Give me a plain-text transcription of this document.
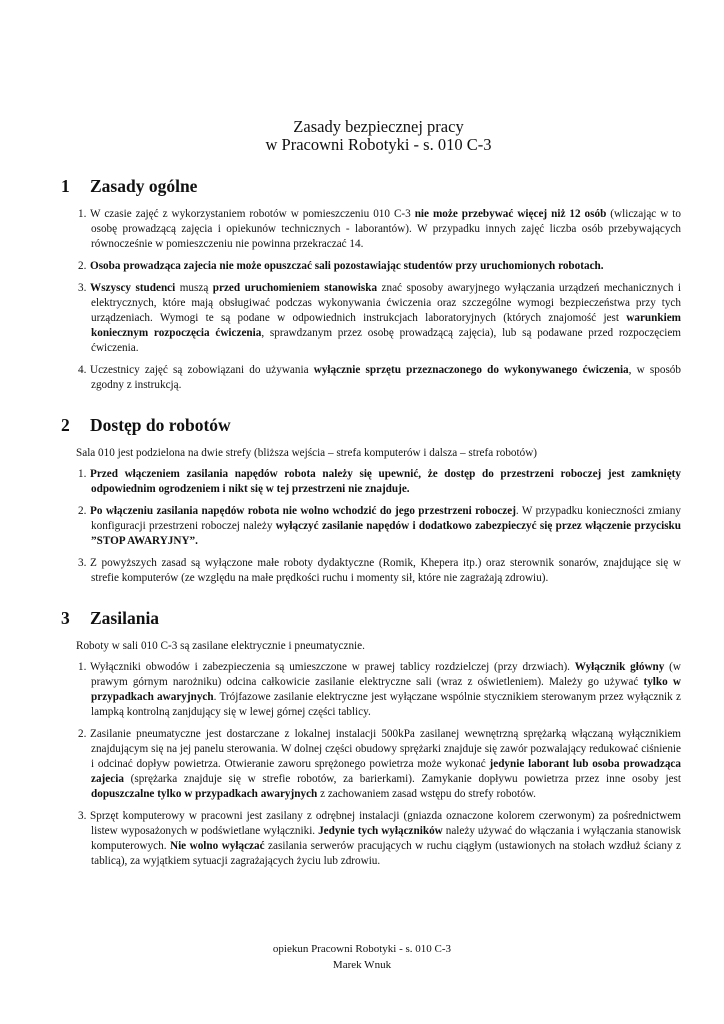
Zasady bezpiecznej pracy
w Pracowni Robotyki - s. 010 C-3
1 Zasady ogólne
1. W czasie zajęć z wykorzystaniem robotów w pomieszczeniu 010 C-3 nie może przebywać więcej niż 12 osób (wliczając w to osobę prowadzącą zajęcia i opiekunów technicznych - laborantów). W przypadku innych zajęć liczba osób przebywających równocześnie w pomieszczeniu nie powinna przekraczać 14.
2. Osoba prowadząca zajecia nie może opuszczać sali pozostawiając studentów przy uruchomionych robotach.
3. Wszyscy studenci muszą przed uruchomieniem stanowiska znać sposoby awaryjnego wyłączania urządzeń mechanicznych i elektrycznych, które mają obsługiwać podczas wykonywania ćwiczenia oraz szczególne wymogi bezpieczeństwa przy tych urządzeniach. Wymogi te są podane w odpowiednich instrukcjach laboratoryjnych (których znajomość jest warunkiem koniecznym rozpoczęcia ćwiczenia, sprawdzanym przez osobę prowadzącą zajęcia), lub są podawane przed rozpoczęciem ćwiczenia.
4. Uczestnicy zajęć są zobowiązani do używania wyłącznie sprzętu przeznaczonego do wykonywanego ćwiczenia, w sposób zgodny z instrukcją.
2 Dostęp do robotów
Sala 010 jest podzielona na dwie strefy (bliższa wejścia – strefa komputerów i dalsza – strefa robotów)
1. Przed włączeniem zasilania napędów robota należy się upewnić, że dostęp do przestrzeni roboczej jest zamknięty odpowiednim ogrodzeniem i nikt się w tej przestrzeni nie znajduje.
2. Po włączeniu zasilania napędów robota nie wolno wchodzić do jego przestrzeni roboczej. W przypadku konieczności zmiany konfiguracji przestrzeni roboczej należy wyłączyć zasilanie napędów i dodatkowo zabezpieczyć się przez włączenie przycisku ”STOP AWARYJNY”.
3. Z powyższych zasad są wyłączone małe roboty dydaktyczne (Romik, Khepera itp.) oraz sterownik sonarów, znajdujące się w strefie komputerów (ze względu na małe prędkości ruchu i momenty sił, które nie zagrażają zdrowiu).
3 Zasilania
Roboty w sali 010 C-3 są zasilane elektrycznie i pneumatycznie.
1. Wyłączniki obwodów i zabezpieczenia są umieszczone w prawej tablicy rozdzielczej (przy drzwiach). Wyłącznik główny (w prawym górnym narożniku) odcina całkowicie zasilanie elektryczne sali (wraz z oświetleniem). Mależy go używać tylko w przypadkach awaryjnych. Trójfazowe zasilanie elektryczne jest wyłączane wspólnie stycznikiem sterowanym przez wyłącznik z lampką kontrolną zanjdujący się w lewej górnej części tablicy.
2. Zasilanie pneumatyczne jest dostarczane z lokalnej instalacji 500kPa zasilanej wewnętrzną sprężarką włączaną wyłącznikiem znajdującym się na jej panelu sterowania. W dolnej części obudowy sprężarki znajduje się zawór pozwalający redukować ciśnienie i odcinać dopływ powietrza. Otwieranie zaworu sprężonego powietrza może wykonać jedynie laborant lub osoba prowadząca zajecia (sprężarka znajduje się w strefie robotów, za barierkami). Zamykanie dopływu powietrza przez inne osoby jest dopuszczalne tylko w przypadkach awaryjnych z zachowaniem zasad wstępu do strefy robotów.
3. Sprzęt komputerowy w pracowni jest zasilany z odrębnej instalacji (gniazda oznaczone kolorem czerwonym) za pośrednictwem listew wyposażonych w podświetlane wyłączniki. Jedynie tych wyłączników należy używać do włączania i wyłączania stanowisk komputerowych. Nie wolno wyłączać zasilania serwerów pracujących w ruchu ciągłym (ustawionych na stołach wzdłuż ściany z tablicą), za wyjątkiem sytuacji zagrażających życiu lub zdrowiu.
opiekun Pracowni Robotyki - s. 010 C-3
Marek Wnuk
